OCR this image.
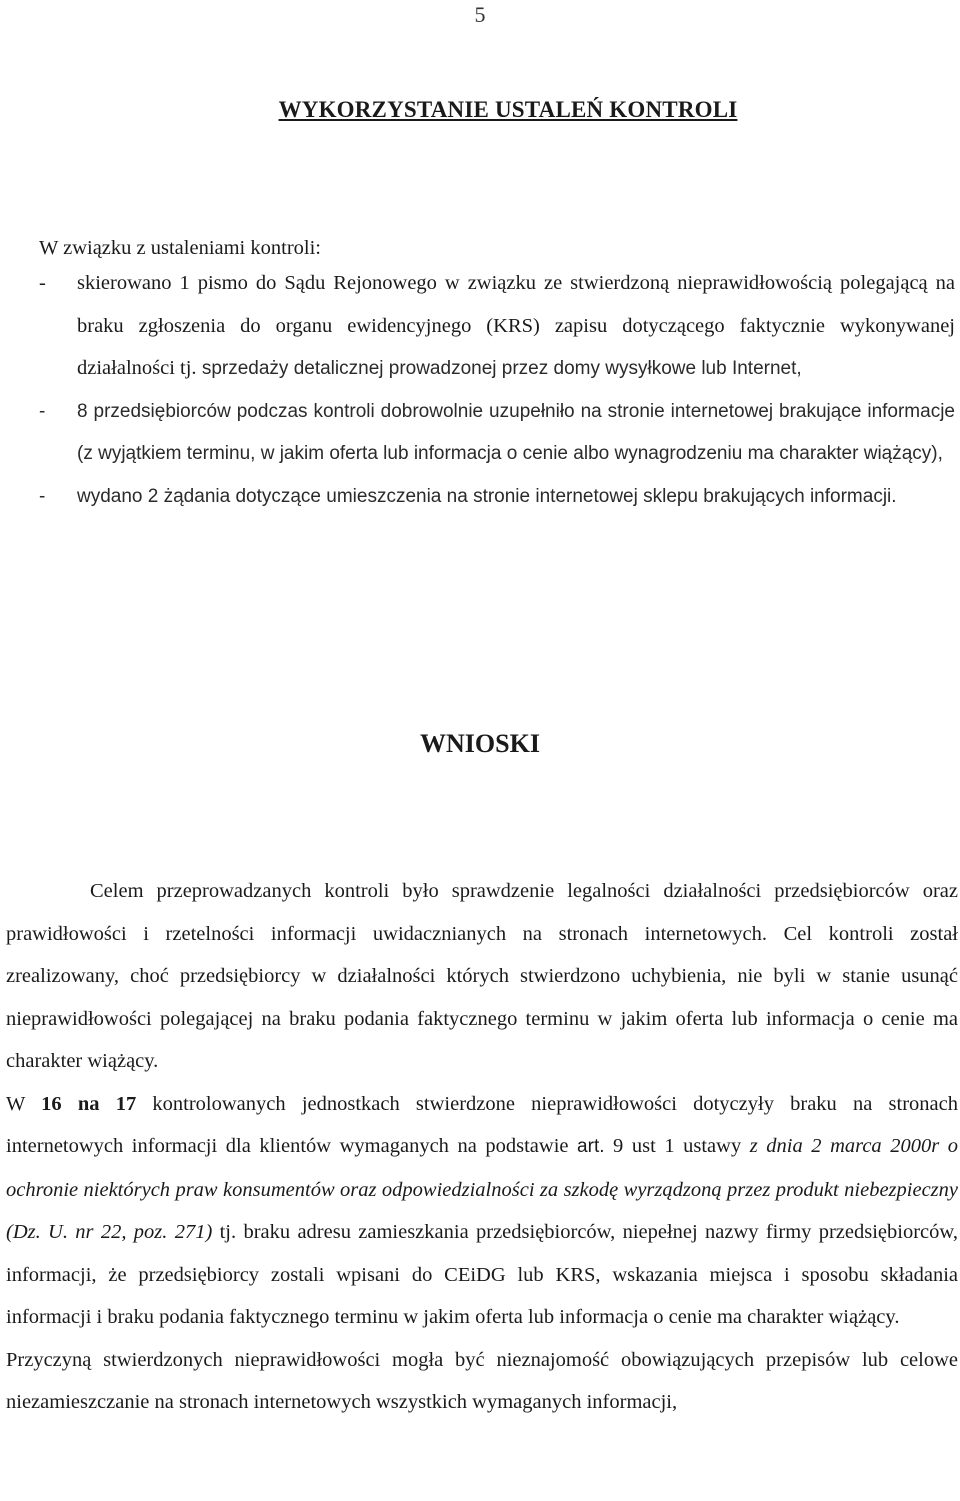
5
WYKORZYSTANIE USTALEŃ KONTROLI
W związku z ustaleniami kontroli:
- skierowano 1 pismo do Sądu Rejonowego w związku ze stwierdzoną nieprawidłowością polegającą na braku zgłoszenia do organu ewidencyjnego (KRS) zapisu dotyczącego faktycznie wykonywanej działalności tj. sprzedaży detalicznej prowadzonej przez domy wysyłkowe lub Internet,
- 8 przedsiębiorców podczas kontroli dobrowolnie uzupełniło na stronie internetowej brakujące informacje (z wyjątkiem terminu, w jakim oferta lub informacja o cenie albo wynagrodzeniu ma charakter wiążący),
- wydano 2 żądania dotyczące umieszczenia na stronie internetowej sklepu brakujących informacji.
WNIOSKI

Celem przeprowadzanych kontroli było sprawdzenie legalności działalności przedsiębiorców oraz prawidłowości i rzetelności informacji uwidacznianych na stronach internetowych. Cel kontroli został zrealizowany, choć przedsiębiorcy w działalności których stwierdzono uchybienia, nie byli w stanie usunąć nieprawidłowości polegającej na braku podania faktycznego terminu w jakim oferta lub informacja o cenie ma charakter wiążący.

W 16 na 17 kontrolowanych jednostkach stwierdzone nieprawidłowości dotyczyły braku na stronach internetowych informacji dla klientów wymaganych na podstawie art. 9 ust 1 ustawy z dnia 2 marca 2000r o ochronie niektórych praw konsumentów oraz odpowiedzialności za szkodę wyrządzoną przez produkt niebezpieczny (Dz. U. nr 22, poz. 271) tj. braku adresu zamieszkania przedsiębiorców, niepełnej nazwy firmy przedsiębiorców, informacji, że przedsiębiorcy zostali wpisani do CEiDG lub KRS, wskazania miejsca i sposobu składania informacji i braku podania faktycznego terminu w jakim oferta lub informacja o cenie ma charakter wiążący.

Przyczyną stwierdzonych nieprawidłowości mogła być nieznajomość obowiązujących przepisów lub celowe niezamieszczanie na stronach internetowych wszystkich wymaganych informacji,
